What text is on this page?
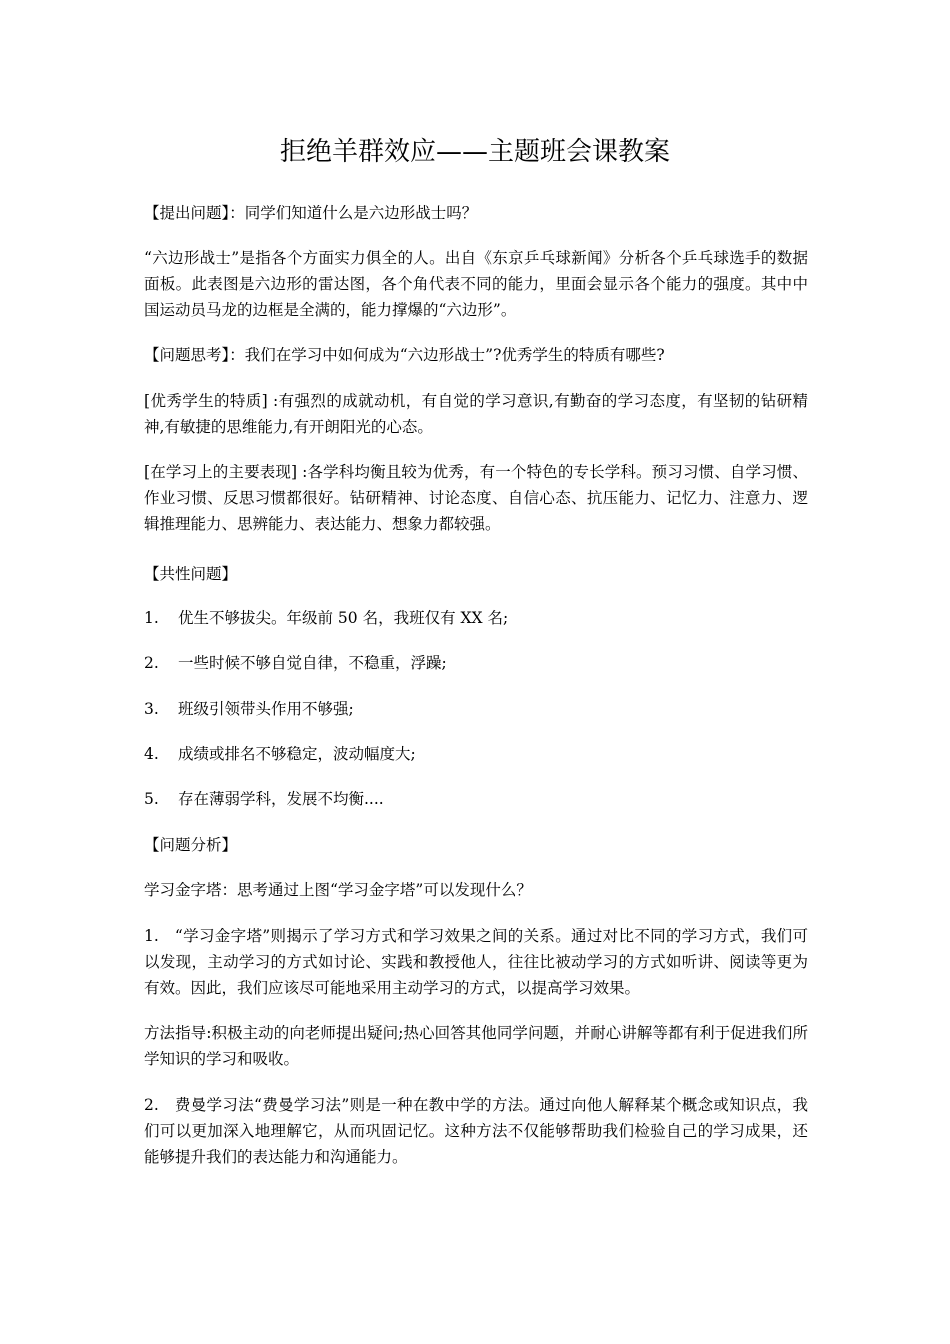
拒绝羊群效应——主题班会课教案

【提出问题】：同学们知道什么是六边形战士吗？

“六边形战士”是指各个方面实力俱全的人。出自《东京乒乓球新闻》分析各个乒乓球选手的数据面板。此表图是六边形的雷达图，各个角代表不同的能力，里面会显示各个能力的强度。其中中国运动员马龙的边框是全满的，能力撑爆的“六边形”。

【问题思考】：我们在学习中如何成为“六边形战士”?优秀学生的特质有哪些?

[优秀学生的特质] :有强烈的成就动机，有自觉的学习意识,有勤奋的学习态度，有坚韧的钻研精神,有敏捷的思维能力,有开朗阳光的心态。

[在学习上的主要表现] :各学科均衡且较为优秀，有一个特色的专长学科。预习习惯、自学习惯、作业习惯、反思习惯都很好。钻研精神、讨论态度、自信心态、抗压能力、记忆力、注意力、逻辑推理能力、思辨能力、表达能力、想象力都较强。

【共性问题】

1. 优生不够拔尖。年级前 50 名，我班仅有 XX 名;
2. 一些时候不够自觉自律，不稳重，浮躁;
3. 班级引领带头作用不够强;
4. 成绩或排名不够稳定，波动幅度大;
5. 存在薄弱学科，发展不均衡....

【问题分析】

学习金字塔：思考通过上图“学习金字塔”可以发现什么？

1.　“学习金字塔”则揭示了学习方式和学习效果之间的关系。通过对比不同的学习方式，我们可以发现，主动学习的方式如讨论、实践和教授他人，往往比被动学习的方式如听讲、阅读等更为有效。因此，我们应该尽可能地采用主动学习的方式，以提高学习效果。

方法指导:积极主动的向老师提出疑问;热心回答其他同学问题，并耐心讲解等都有利于促进我们所学知识的学习和吸收。

2.　费曼学习法“费曼学习法”则是一种在教中学的方法。通过向他人解释某个概念或知识点，我们可以更加深入地理解它，从而巩固记忆。这种方法不仅能够帮助我们检验自己的学习成果，还能够提升我们的表达能力和沟通能力。
